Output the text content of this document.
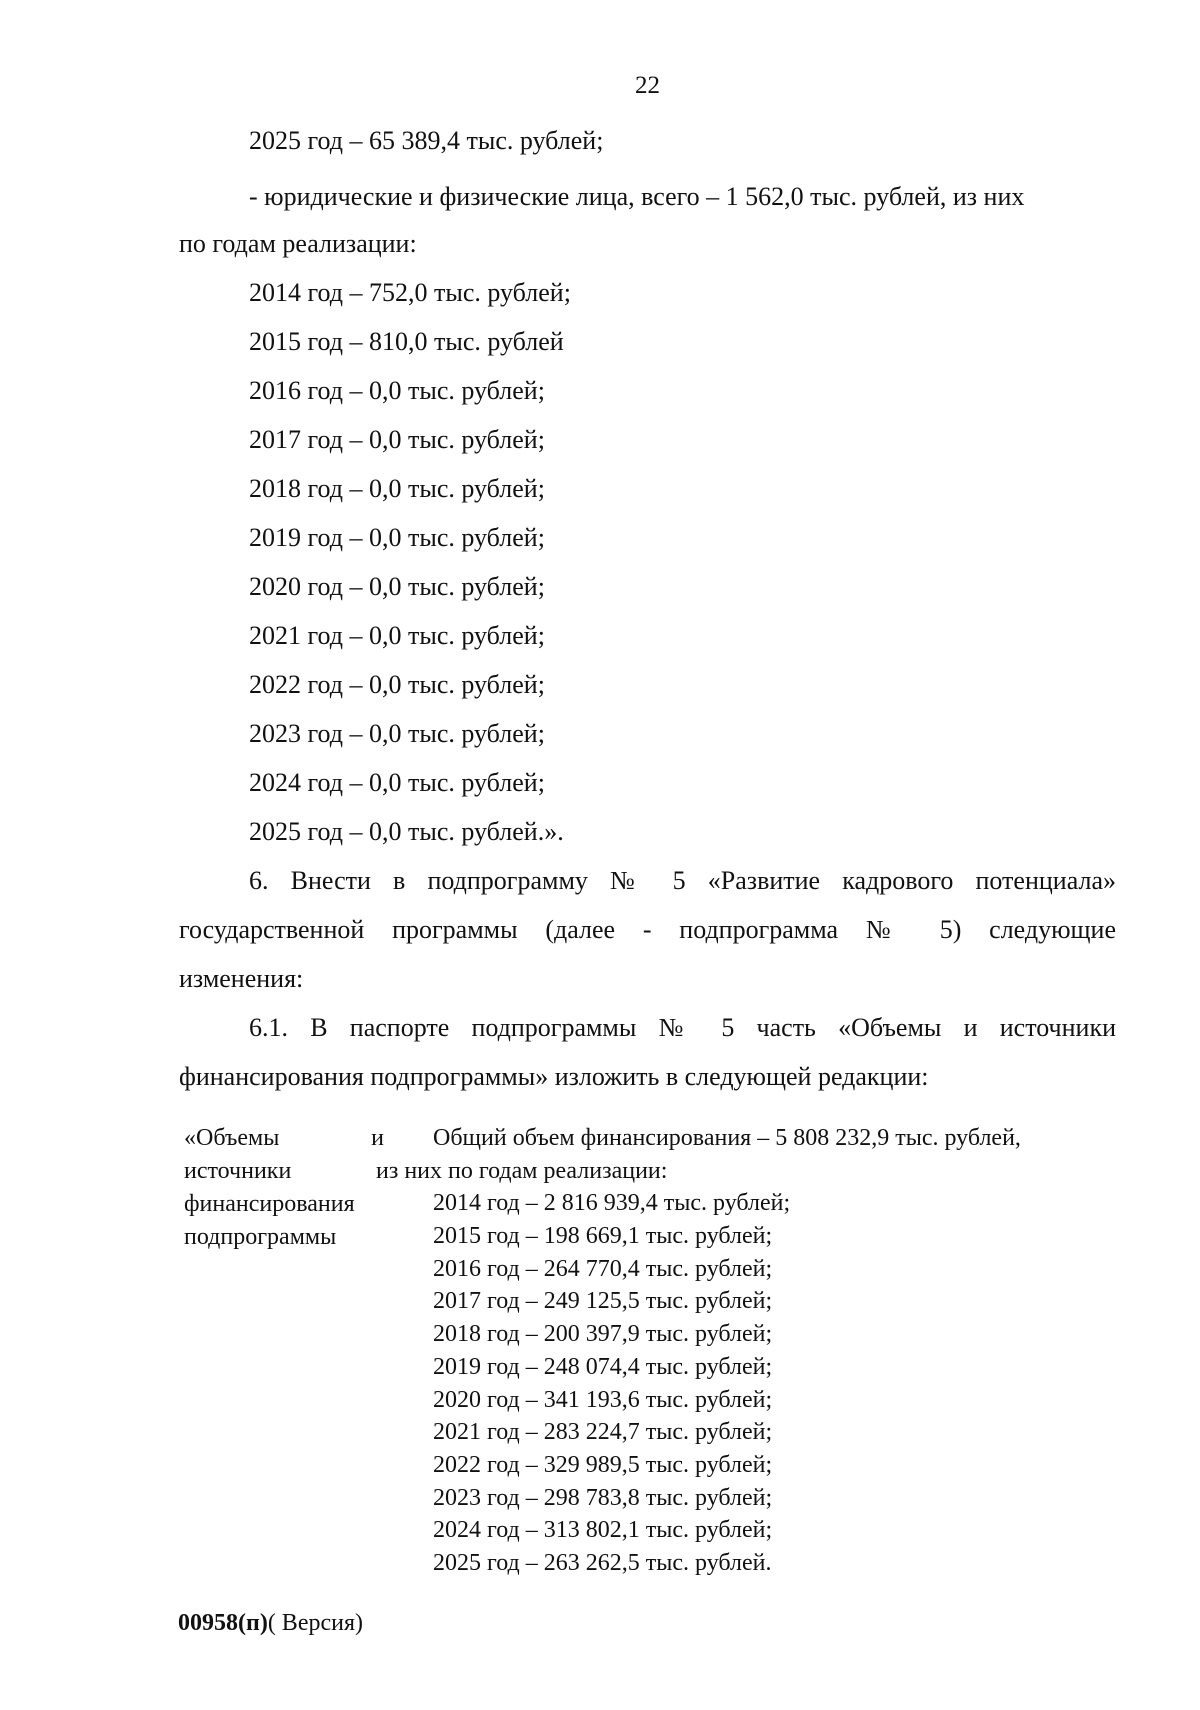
22
2025 год – 65 389,4 тыс. рублей;
- юридические и физические лица, всего – 1 562,0 тыс. рублей, из них
по годам реализации:
2014 год – 752,0 тыс. рублей;
2015 год – 810,0 тыс. рублей
2016 год – 0,0 тыс. рублей;
2017 год – 0,0 тыс. рублей;
2018 год – 0,0 тыс. рублей;
2019 год – 0,0 тыс. рублей;
2020 год – 0,0 тыс. рублей;
2021 год – 0,0 тыс. рублей;
2022 год – 0,0 тыс. рублей;
2023 год – 0,0 тыс. рублей;
2024 год – 0,0 тыс. рублей;
2025 год – 0,0 тыс. рублей.».
6. Внести в подпрограмму № 5 «Развитие кадрового потенциала»
государственной программы (далее - подпрограмма № 5) следующие
изменения:
6.1. В паспорте подпрограммы № 5 часть «Объемы и источники
финансирования подпрограммы» изложить в следующей редакции:
«Объемы	и
источники
финансирования
подпрограммы
Общий объем финансирования – 5 808 232,9 тыс. рублей,
из них по годам реализации:
2014 год – 2 816 939,4 тыс. рублей;
2015 год – 198 669,1 тыс. рублей;
2016 год – 264 770,4 тыс. рублей;
2017 год – 249 125,5 тыс. рублей;
2018 год – 200 397,9 тыс. рублей;
2019 год – 248 074,4 тыс. рублей;
2020 год – 341 193,6 тыс. рублей;
2021 год – 283 224,7 тыс. рублей;
2022 год – 329 989,5 тыс. рублей;
2023 год – 298 783,8 тыс. рублей;
2024 год – 313 802,1 тыс. рублей;
2025 год – 263 262,5 тыс. рублей.
00958(п)( Версия)
